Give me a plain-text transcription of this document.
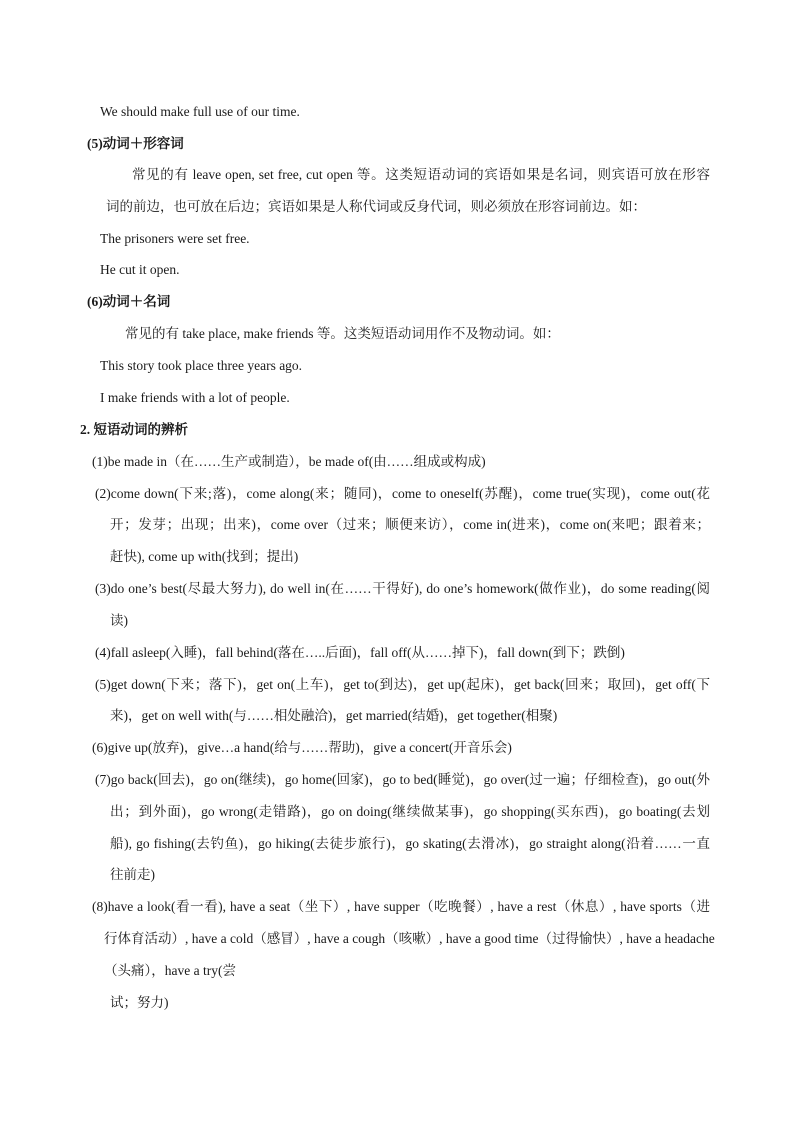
We should make full use of our time.
(5)动词＋形容词
常见的有 leave open, set free, cut open 等。这类短语动词的宾语如果是名词，则宾语可放在形容
词的前边，也可放在后边；宾语如果是人称代词或反身代词，则必须放在形容词前边。如：
The prisoners were set free.
He cut it open.
(6)动词＋名词
常见的有 take place, make friends 等。这类短语动词用作不及物动词。如：
This story took place three years ago.
I make friends with a lot of people.
2. 短语动词的辨析
(1)be made in（在……生产或制造），be made of(由……组成或构成)
(2)come down(下来;落)，come along(来；随同)，come to oneself(苏醒)，come true(实现)，come out(花
开；发芽；出现；出来)，come over（过来；顺便来访），come in(进来)，come on(来吧；跟着来；
赶快), come up with(找到；提出)
(3)do one’s best(尽最大努力), do well in(在……干得好), do one’s homework(做作业)，do some reading(阅
读)
(4)fall asleep(入睡)，fall behind(落在…..后面)，fall off(从……掉下)，fall down(到下；跌倒)
(5)get down(下来；落下)，get on(上车)，get to(到达)，get up(起床)，get back(回来；取回)，get off(下
来)，get on well with(与……相处融洽)，get married(结婚)，get together(相聚)
(6)give up(放弃)，give…a hand(给与……帮助)，give a concert(开音乐会)
(7)go back(回去)，go on(继续)，go home(回家)，go to bed(睡觉)，go over(过一遍；仔细检查)，go out(外
出；到外面)，go wrong(走错路)，go on doing(继续做某事)，go shopping(买东西)，go boating(去划
船), go fishing(去钓鱼)，go hiking(去徒步旅行)，go skating(去滑冰)，go straight along(沿着……一直
往前走)
(8)have a look(看一看), have a seat（坐下）, have supper（吃晚餐）, have a rest（休息）, have sports（进
行体育活动）, have a cold（感冒）, have a cough（咳嗽）, have a good time（过得愉快）, have a headache
（头痛），have a try(尝
试；努力)
